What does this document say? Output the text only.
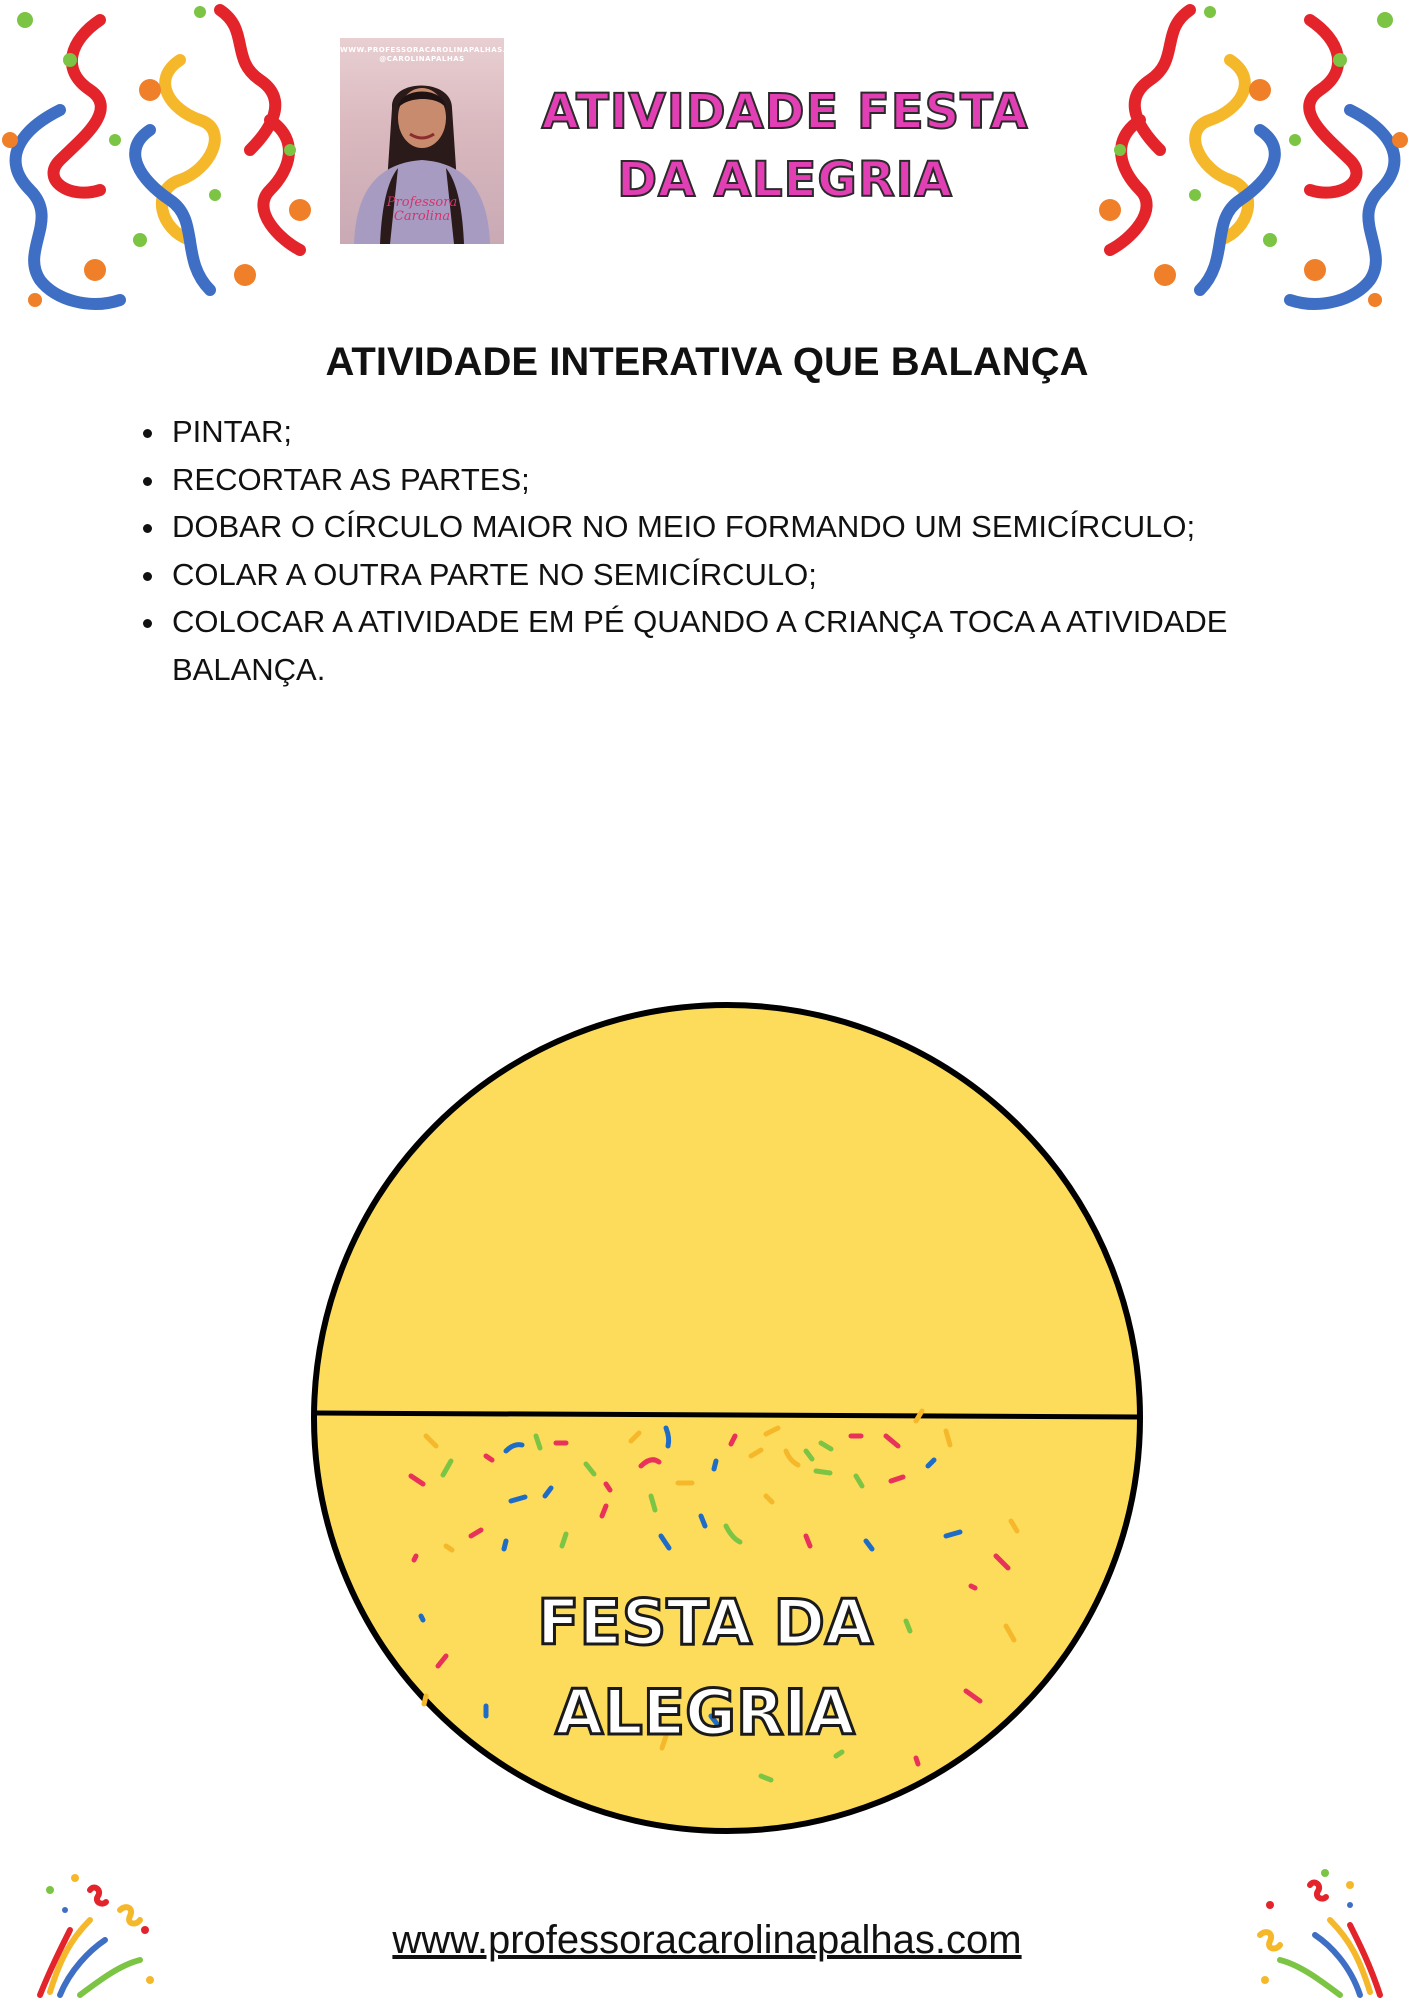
WWW.PROFESSORACAROLINAPALHAS.COM
@CAROLINAPALHAS
Professora Carolina
ATIVIDADE FESTA
DA ALEGRIA
ATIVIDADE INTERATIVA QUE BALANÇA
• PINTAR;
• RECORTAR AS PARTES;
• DOBAR O CÍRCULO MAIOR NO MEIO FORMANDO UM SEMICÍRCULO;
• COLAR A OUTRA PARTE NO SEMICÍRCULO;
• COLOCAR A ATIVIDADE EM PÉ QUANDO A CRIANÇA TOCA A ATIVIDADE BALANÇA.
FESTA DA
ALEGRIA
www.professoracarolinapalhas.com
